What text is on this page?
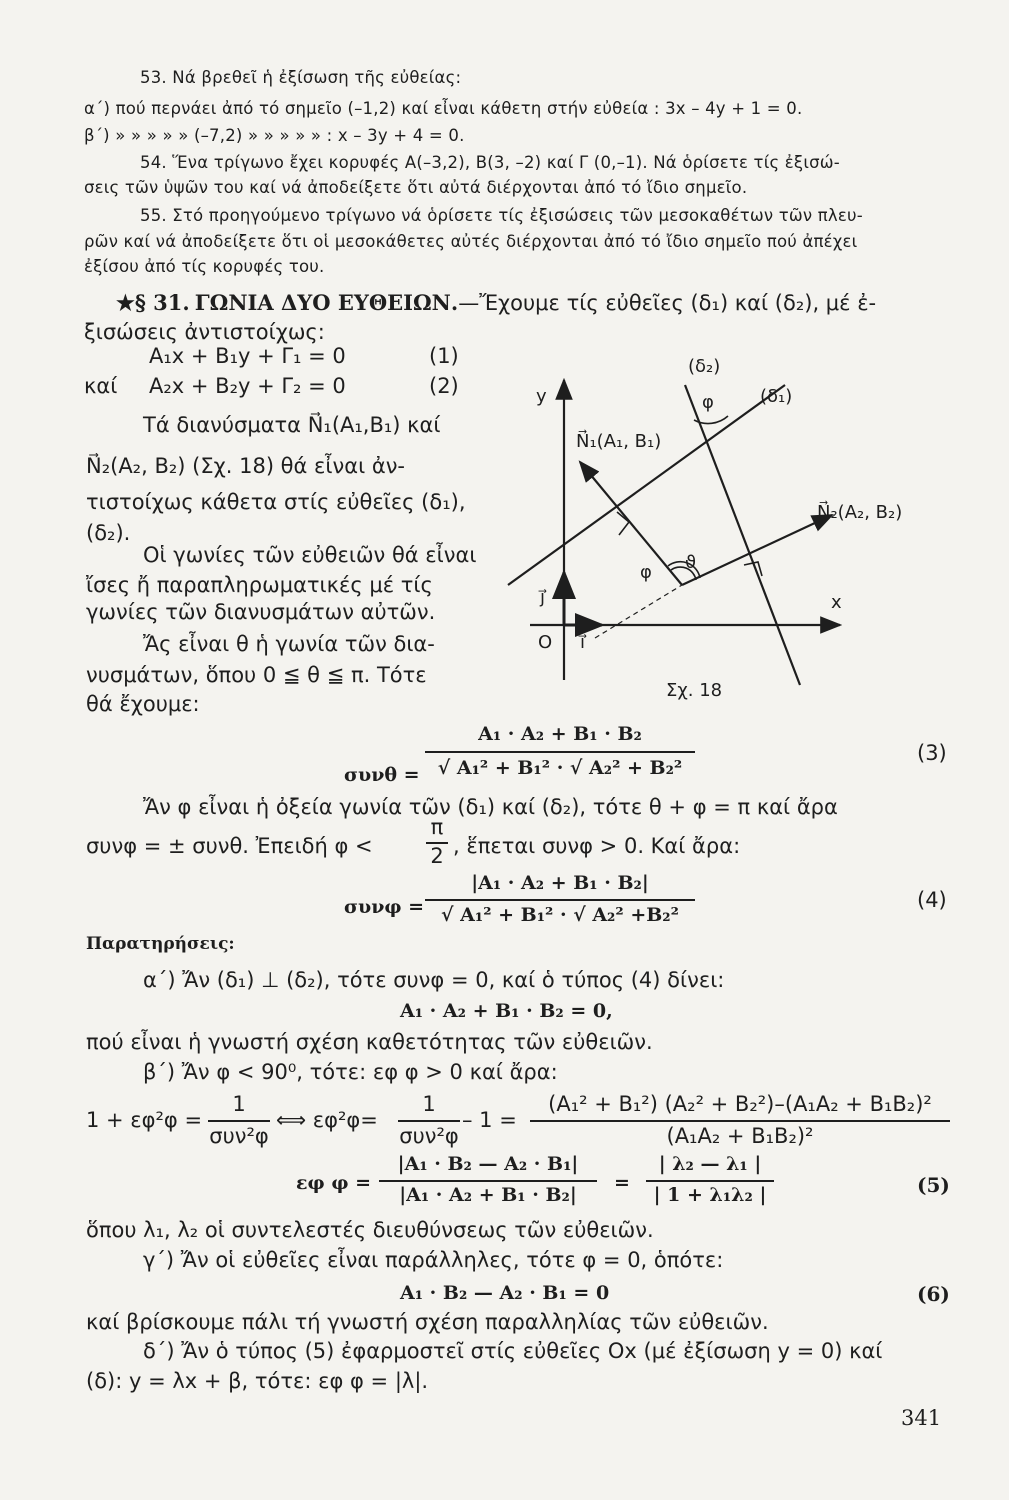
53. Νά βρεθεῖ ἡ ἐξίσωση τῆς εὐθείας:
α΄) πού περνάει ἀπό τό σημεῖο (–1,2) καί εἶναι κάθετη στήν εὐθεία : 3x – 4y + 1 = 0.
β΄) » » » » » (–7,2) » » » » » : x – 3y + 4 = 0.
54. Ἕνα τρίγωνο ἔχει κορυφές Α(–3,2), Β(3, –2) καί Γ (0,–1). Νά ὁρίσετε τίς ἐξισώ-
σεις τῶν ὑψῶν του καί νά ἀποδείξετε ὅτι αὐτά διέρχονται ἀπό τό ἴδιο σημεῖο.
55. Στό προηγούμενο τρίγωνο νά ὁρίσετε τίς ἐξισώσεις τῶν μεσοκαθέτων τῶν πλευ-
ρῶν καί νά ἀποδείξετε ὅτι οἱ μεσοκάθετες αὐτές διέρχονται ἀπό τό ἴδιο σημεῖο πού ἀπέχει
ἐξίσου ἀπό τίς κορυφές του.
★§ 31. ΓΩΝΙΑ ΔΥΟ ΕΥΘΕΙΩΝ.—Ἔχουμε τίς εὐθεῖες (δ₁) καί (δ₂), μέ ἐ-
ξισώσεις ἀντιστοίχως:
A₁x + B₁y + Γ₁ = 0	(1)
καί A₂x + B₂y + Γ₂ = 0	(2)
Τά διανύσματα N⃗₁(A₁,B₁) καί
N⃗₂(A₂, B₂) (Σχ. 18) θά εἶναι ἀν-
τιστοίχως κάθετα στίς εὐθεῖες (δ₁),
(δ₂).
Οἱ γωνίες τῶν εὐθειῶν θά εἶναι
ἴσες ἤ παραπληρωματικές μέ τίς
γωνίες τῶν διανυσμάτων αὐτῶν.
Ἄς εἶναι θ ἡ γωνία τῶν δια-
νυσμάτων, ὅπου 0 ≦ θ ≦ π. Τότε
θά ἔχουμε:
y
x
O i⃗
j⃗
(δ₂)
(δ₁)
N⃗₁(A₁, B₁)
N⃗₂(A₂, B₂)
φ
φ ϑ
Σχ. 18
συνθ =
A₁ · A₂ + B₁ · B₂
√ A₁² + B₁² · √ A₂² + B₂²
(3)
Ἄν φ εἶναι ἡ ὀξεία γωνία τῶν (δ₁) καί (δ₂), τότε θ + φ = π καί ἄρα
συνφ = ± συνθ. Ἐπειδή φ <
π
2 , ἕπεται συνφ > 0. Καί ἄρα:
συνφ =
|A₁ · A₂ + B₁ · B₂|
√ A₁² + B₁² · √ A₂² +B₂²
(4)
Παρατηρήσεις:
α΄) Ἄν (δ₁) ⊥ (δ₂), τότε συνφ = 0, καί ὁ τύπος (4) δίνει:
A₁ · A₂ + B₁ · B₂ = 0,
πού εἶναι ἡ γνωστή σχέση καθετότητας τῶν εὐθειῶν.
β΄) Ἄν φ < 90⁰, τότε: εφ φ > 0 καί ἄρα:
1 + εφ²φ =
1
συν²φ
⟺ εφ²φ=
1
συν²φ
– 1 =
(A₁² + B₁²) (A₂² + B₂²)–(A₁A₂ + B₁B₂)²
(A₁A₂ + B₁B₂)²
εφ φ =
|A₁ · B₂ — A₂ · B₁|
|A₁ · A₂ + B₁ · B₂|
=
| λ₂ — λ₁ |
| 1 + λ₁λ₂ |	(5)
ὅπου λ₁, λ₂ οἱ συντελεστές διευθύνσεως τῶν εὐθειῶν.
γ΄) Ἄν οἱ εὐθεῖες εἶναι παράλληλες, τότε φ = 0, ὁπότε:
A₁ · B₂ — A₂ · B₁ = 0	(6)
καί βρίσκουμε πάλι τή γνωστή σχέση παραλληλίας τῶν εὐθειῶν.
δ΄) Ἄν ὁ τύπος (5) ἐφαρμοστεῖ στίς εὐθεῖες Ox (μέ ἐξίσωση y = 0) καί
(δ): y = λx + β, τότε: εφ φ = |λ|.
341
